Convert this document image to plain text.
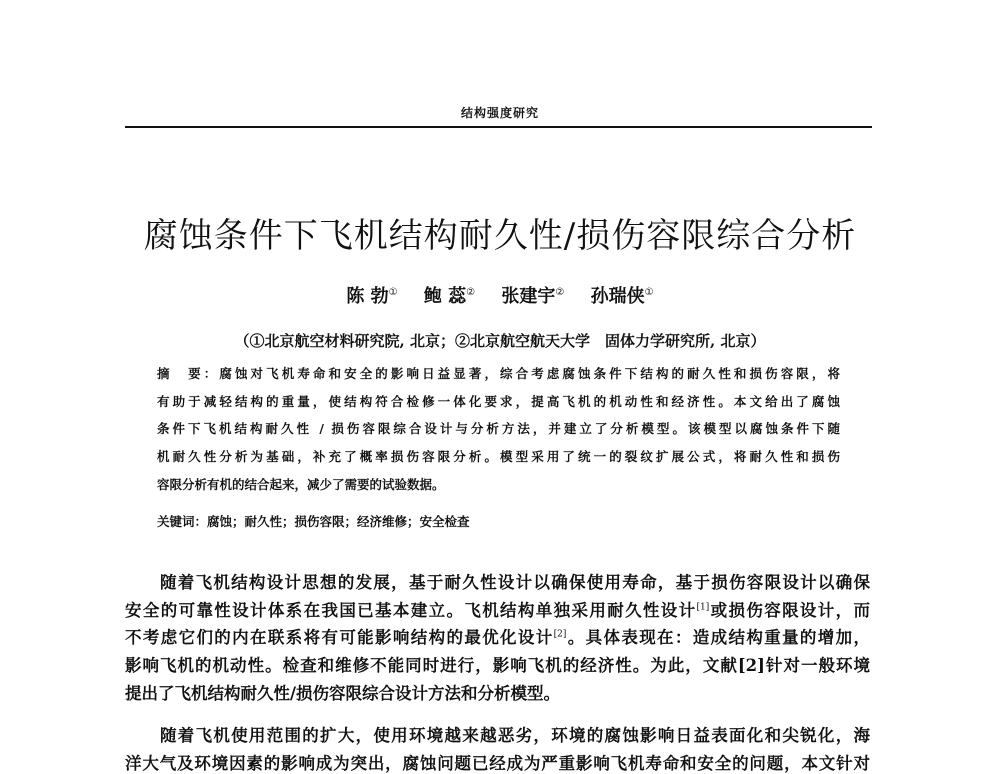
结构强度研究
腐蚀条件下飞机结构耐久性/损伤容限综合分析
陈 勃① 鲍 蕊② 张建宇② 孙瑞侠①
（①北京航空材料研究院, 北京；②北京航空航天大学　固体力学研究所, 北京）
摘　要：腐蚀对飞机寿命和安全的影响日益显著，综合考虑腐蚀条件下结构的耐久性和损伤容限，将
有助于减轻结构的重量，使结构符合检修一体化要求，提高飞机的机动性和经济性。本文给出了腐蚀
条件下飞机结构耐久性 / 损伤容限综合设计与分析方法，并建立了分析模型。该模型以腐蚀条件下随
机耐久性分析为基础，补充了概率损伤容限分析。模型采用了统一的裂纹扩展公式，将耐久性和损伤
容限分析有机的结合起来，减少了需要的试验数据。
关键词：腐蚀；耐久性；损伤容限；经济维修；安全检查
随着飞机结构设计思想的发展，基于耐久性设计以确保使用寿命，基于损伤容限设计以确保
安全的可靠性设计体系在我国已基本建立。飞机结构单独采用耐久性设计[1]或损伤容限设计，而
不考虑它们的内在联系将有可能影响结构的最优化设计[2]。具体表现在：造成结构重量的增加，
影响飞机的机动性。检查和维修不能同时进行，影响飞机的经济性。为此，文献[2]针对一般环境
提出了飞机结构耐久性/损伤容限综合设计方法和分析模型。
随着飞机使用范围的扩大，使用环境越来越恶劣，环境的腐蚀影响日益表面化和尖锐化，海
洋大气及环境因素的影响成为突出，腐蚀问题已经成为严重影响飞机寿命和安全的问题，本文针对
